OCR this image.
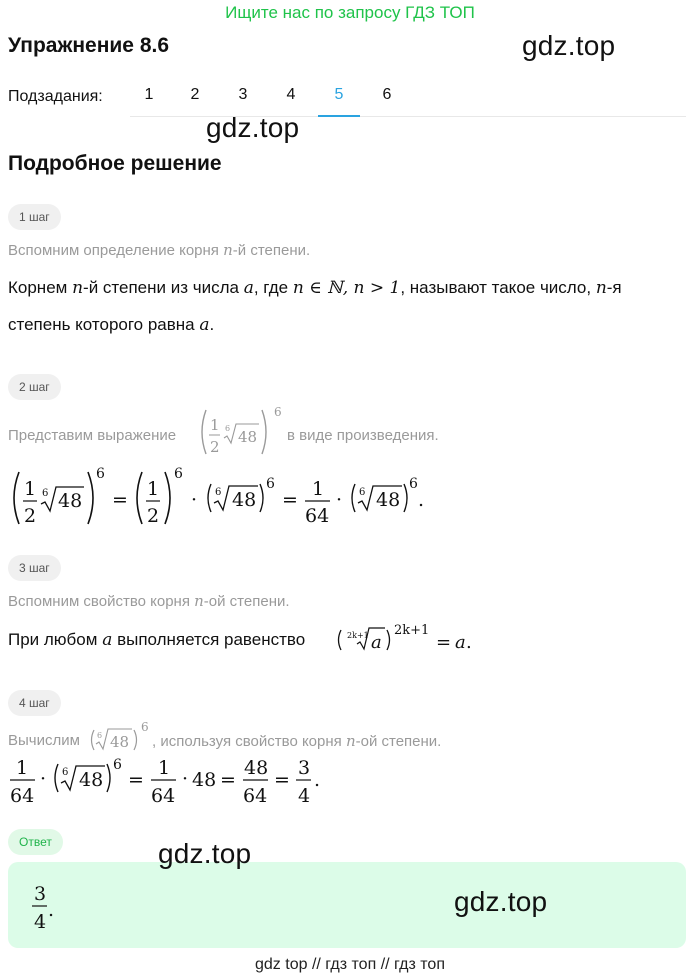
Ищите нас по запросу ГДЗ ТОП
Упражнение 8.6	gdz.top
Подзадания:	1	2	3	4	5	6
gdz.top
Подробное решение
1 шаг
Вспомним определение корня n-й степени.
Корнем n-й степени из числа a, где n ∈ ℕ, n > 1, называют такое число, n-я
степень которого равна a.
2 шаг
Представим выражение
1
2
6 48
6
в виде произведения.
1
2
6 48
6
= 1
2
6
· 6 48
6
= 1
64
· 6 48
6
.
3 шаг
Вспомним свойство корня n-ой степени.
При любом a выполняется равенство	2k+1 a
2k+1
= a .
4 шаг
Вычислим 6 48
6
, используя свойство корня n-ой степени.
1
64
· 6 48
6
=
1
64
· 48 =
48
64
=
3
4
.
Ответ
3
4
.
gdz.top
gdz.top
gdz top // гдз топ // гдз топ
